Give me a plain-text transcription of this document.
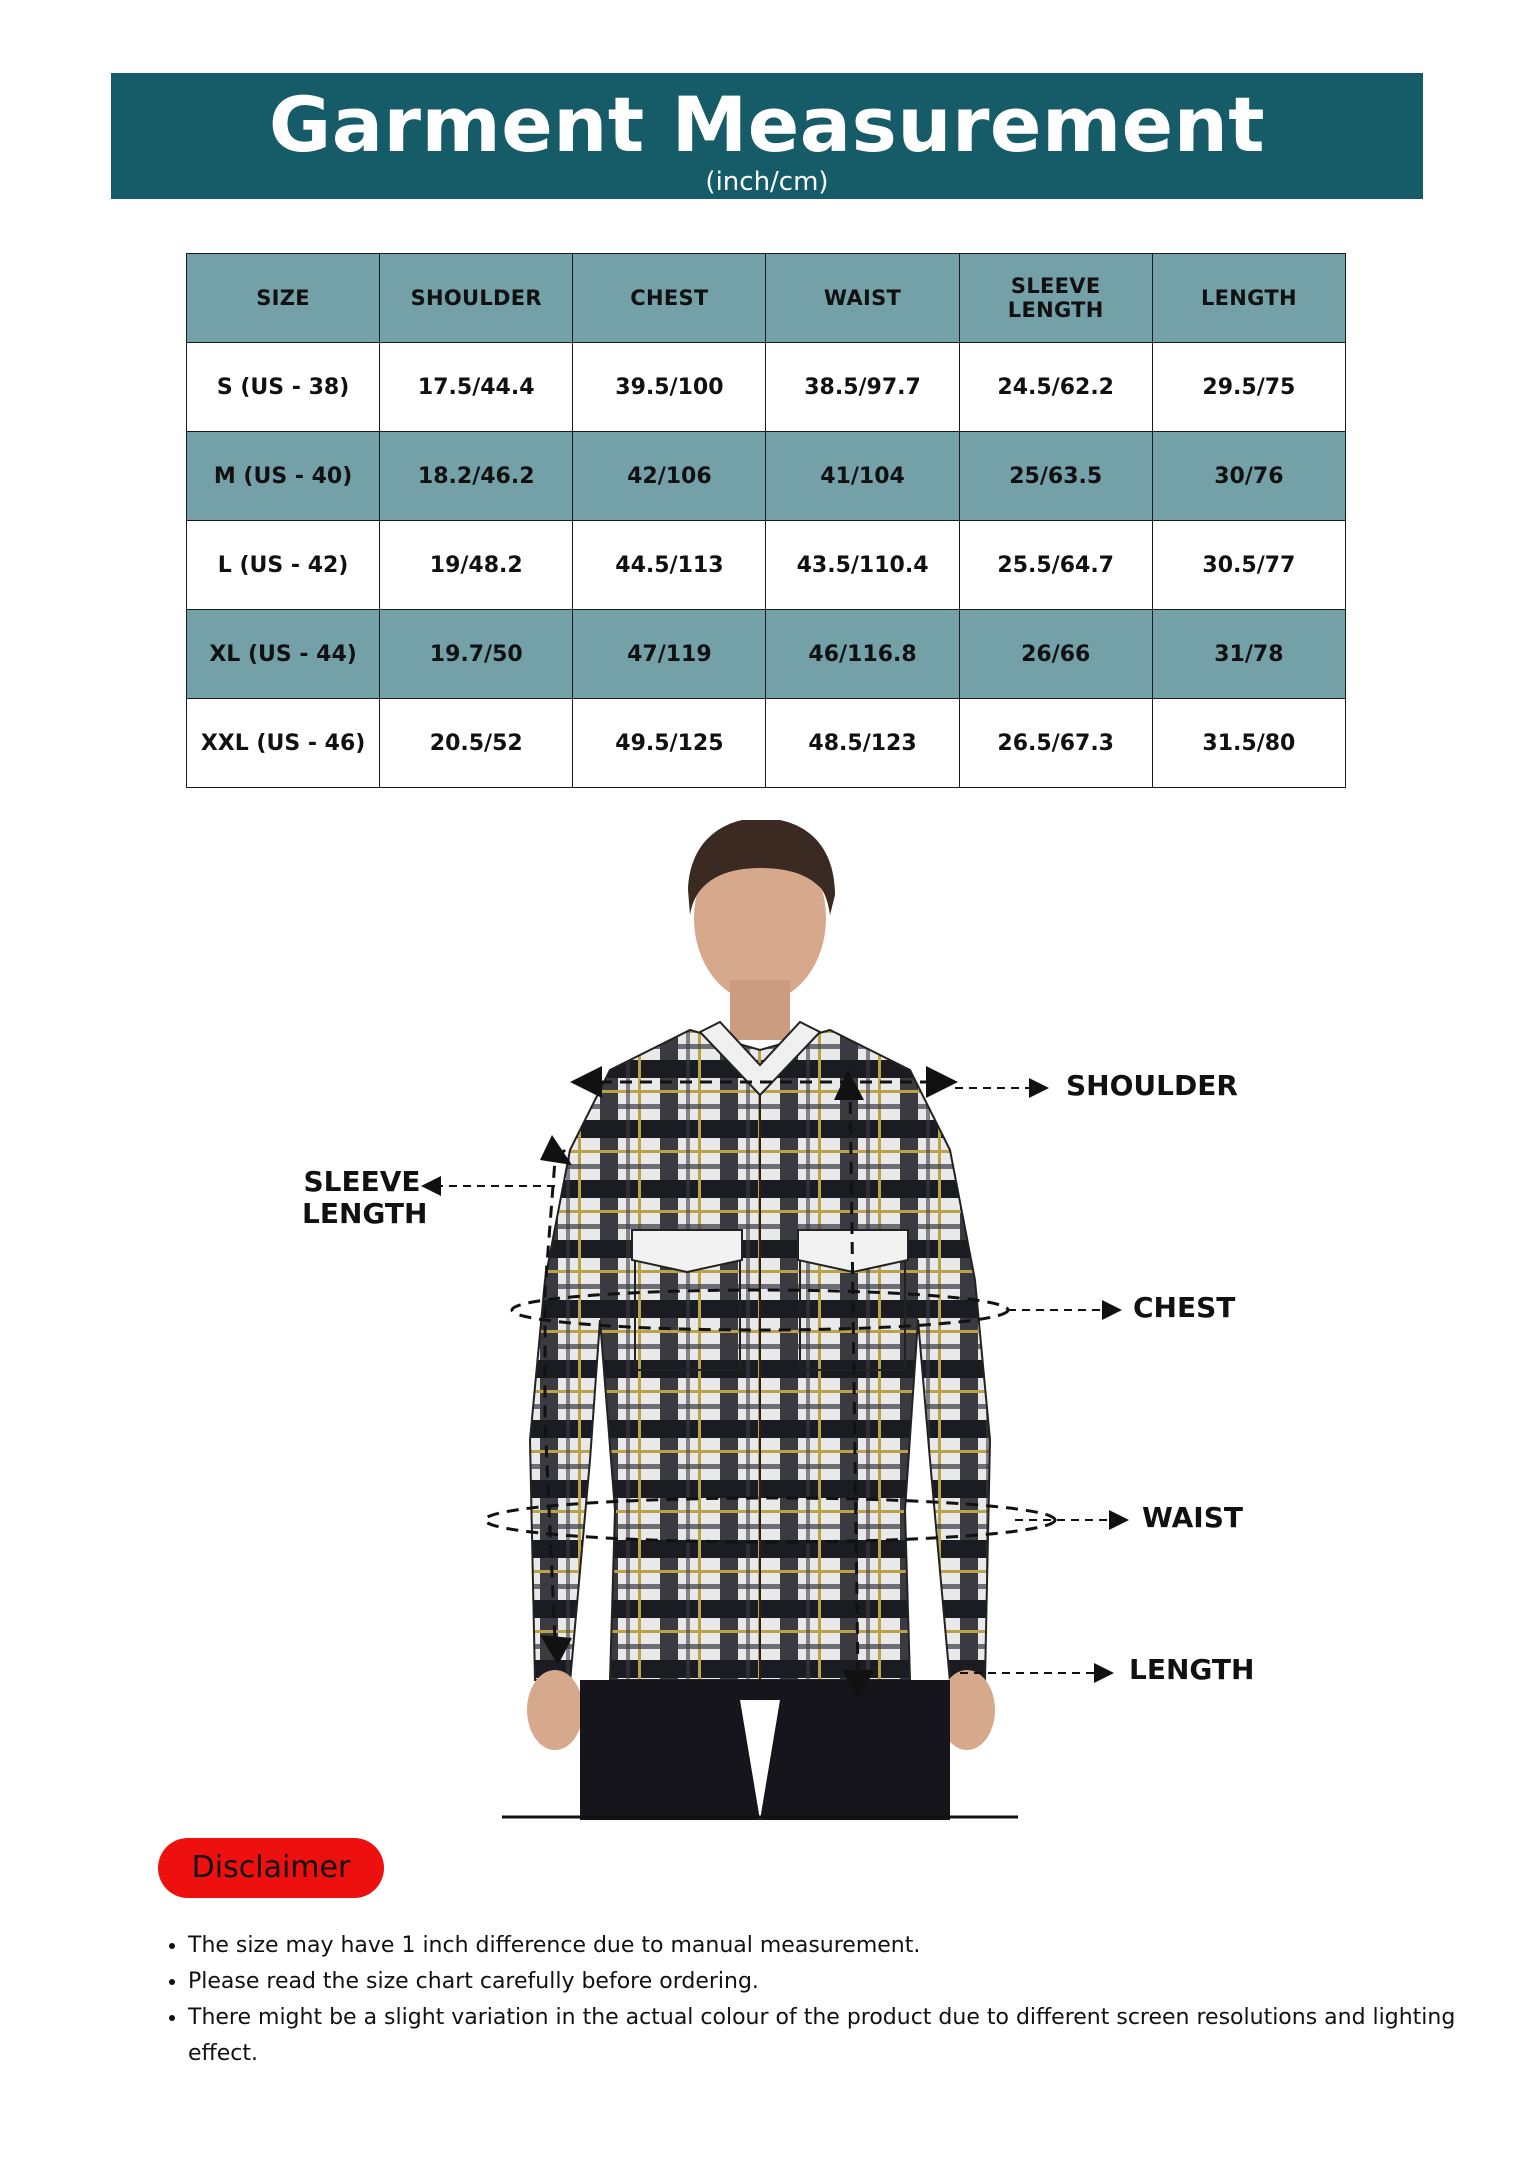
Garment Measurement
(inch/cm)
SIZE	SHOULDER	CHEST	WAIST	SLEEVE LENGTH	LENGTH
S (US - 38)	17.5/44.4	39.5/100	38.5/97.7	24.5/62.2	29.5/75
M (US - 40)	18.2/46.2	42/106	41/104	25/63.5	30/76
L (US - 42)	19/48.2	44.5/113	43.5/110.4	25.5/64.7	30.5/77
XL (US - 44)	19.7/50	47/119	46/116.8	26/66	31/78
XXL (US - 46)	20.5/52	49.5/125	48.5/123	26.5/67.3	31.5/80
SHOULDER
SLEEVE
LENGTH
CHEST
WAIST
LENGTH
Disclaimer
• The size may have 1 inch difference due to manual measurement.
• Please read the size chart carefully before ordering.
• There might be a slight variation in the actual colour of the product due to different screen resolutions and lighting effect.
